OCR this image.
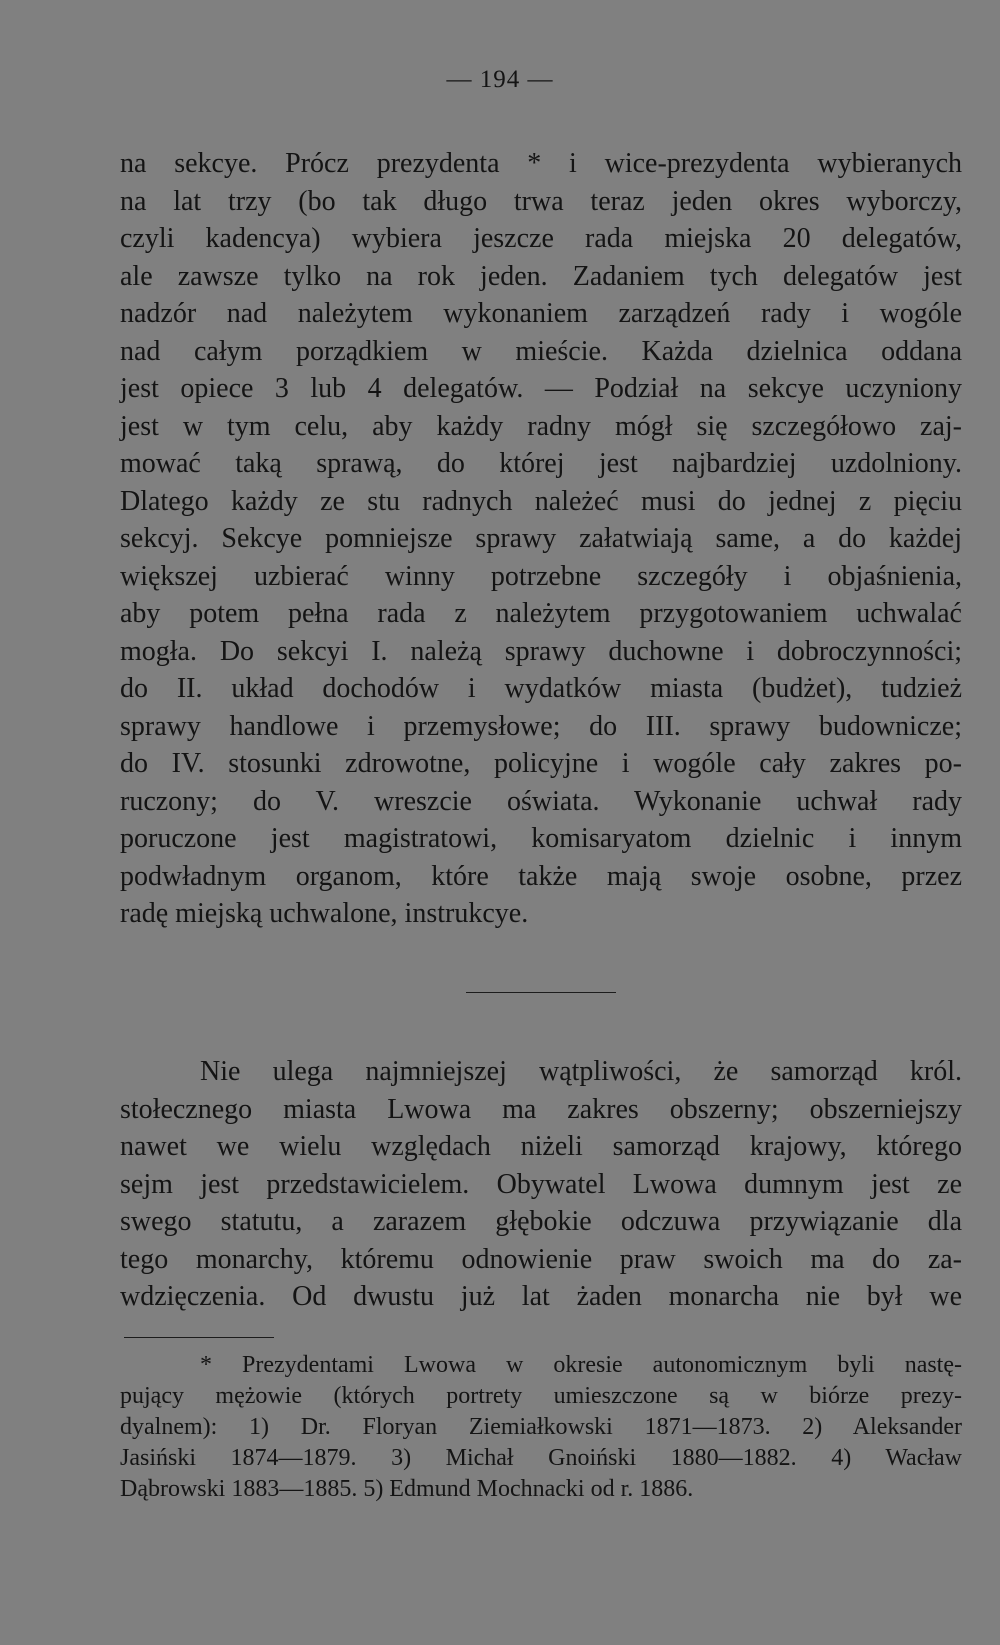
— 194 —
na sekcye. Prócz prezydenta * i wice-prezydenta wybieranych
na lat trzy (bo tak długo trwa teraz jeden okres wyborczy,
czyli kadencya) wybiera jeszcze rada miejska 20 delegatów,
ale zawsze tylko na rok jeden. Zadaniem tych delegatów jest
nadzór nad należytem wykonaniem zarządzeń rady i wogóle
nad całym porządkiem w mieście. Każda dzielnica oddana
jest opiece 3 lub 4 delegatów. — Podział na sekcye uczyniony
jest w tym celu, aby każdy radny mógł się szczegółowo zaj-
mować taką sprawą, do której jest najbardziej uzdolniony.
Dlatego każdy ze stu radnych należeć musi do jednej z pięciu
sekcyj. Sekcye pomniejsze sprawy załatwiają same, a do każdej
większej uzbierać winny potrzebne szczegóły i objaśnienia,
aby potem pełna rada z należytem przygotowaniem uchwalać
mogła. Do sekcyi I. należą sprawy duchowne i dobroczynności;
do II. układ dochodów i wydatków miasta (budżet), tudzież
sprawy handlowe i przemysłowe; do III. sprawy budownicze;
do IV. stosunki zdrowotne, policyjne i wogóle cały zakres po-
ruczony; do V. wreszcie oświata. Wykonanie uchwał rady
poruczone jest magistratowi, komisaryatom dzielnic i innym
podwładnym organom, które także mają swoje osobne, przez
radę miejską uchwalone, instrukcye.
Nie ulega najmniejszej wątpliwości, że samorząd król.
stołecznego miasta Lwowa ma zakres obszerny; obszerniejszy
nawet we wielu względach niżeli samorząd krajowy, którego
sejm jest przedstawicielem. Obywatel Lwowa dumnym jest ze
swego statutu, a zarazem głębokie odczuwa przywiązanie dla
tego monarchy, któremu odnowienie praw swoich ma do za-
wdzięczenia. Od dwustu już lat żaden monarcha nie był we
* Prezydentami Lwowa w okresie autonomicznym byli nastę-
pujący mężowie (których portrety umieszczone są w biórze prezy-
dyalnem): 1) Dr. Floryan Ziemiałkowski 1871—1873. 2) Aleksander
Jasiński 1874—1879. 3) Michał Gnoiński 1880—1882. 4) Wacław
Dąbrowski 1883—1885. 5) Edmund Mochnacki od r. 1886.
